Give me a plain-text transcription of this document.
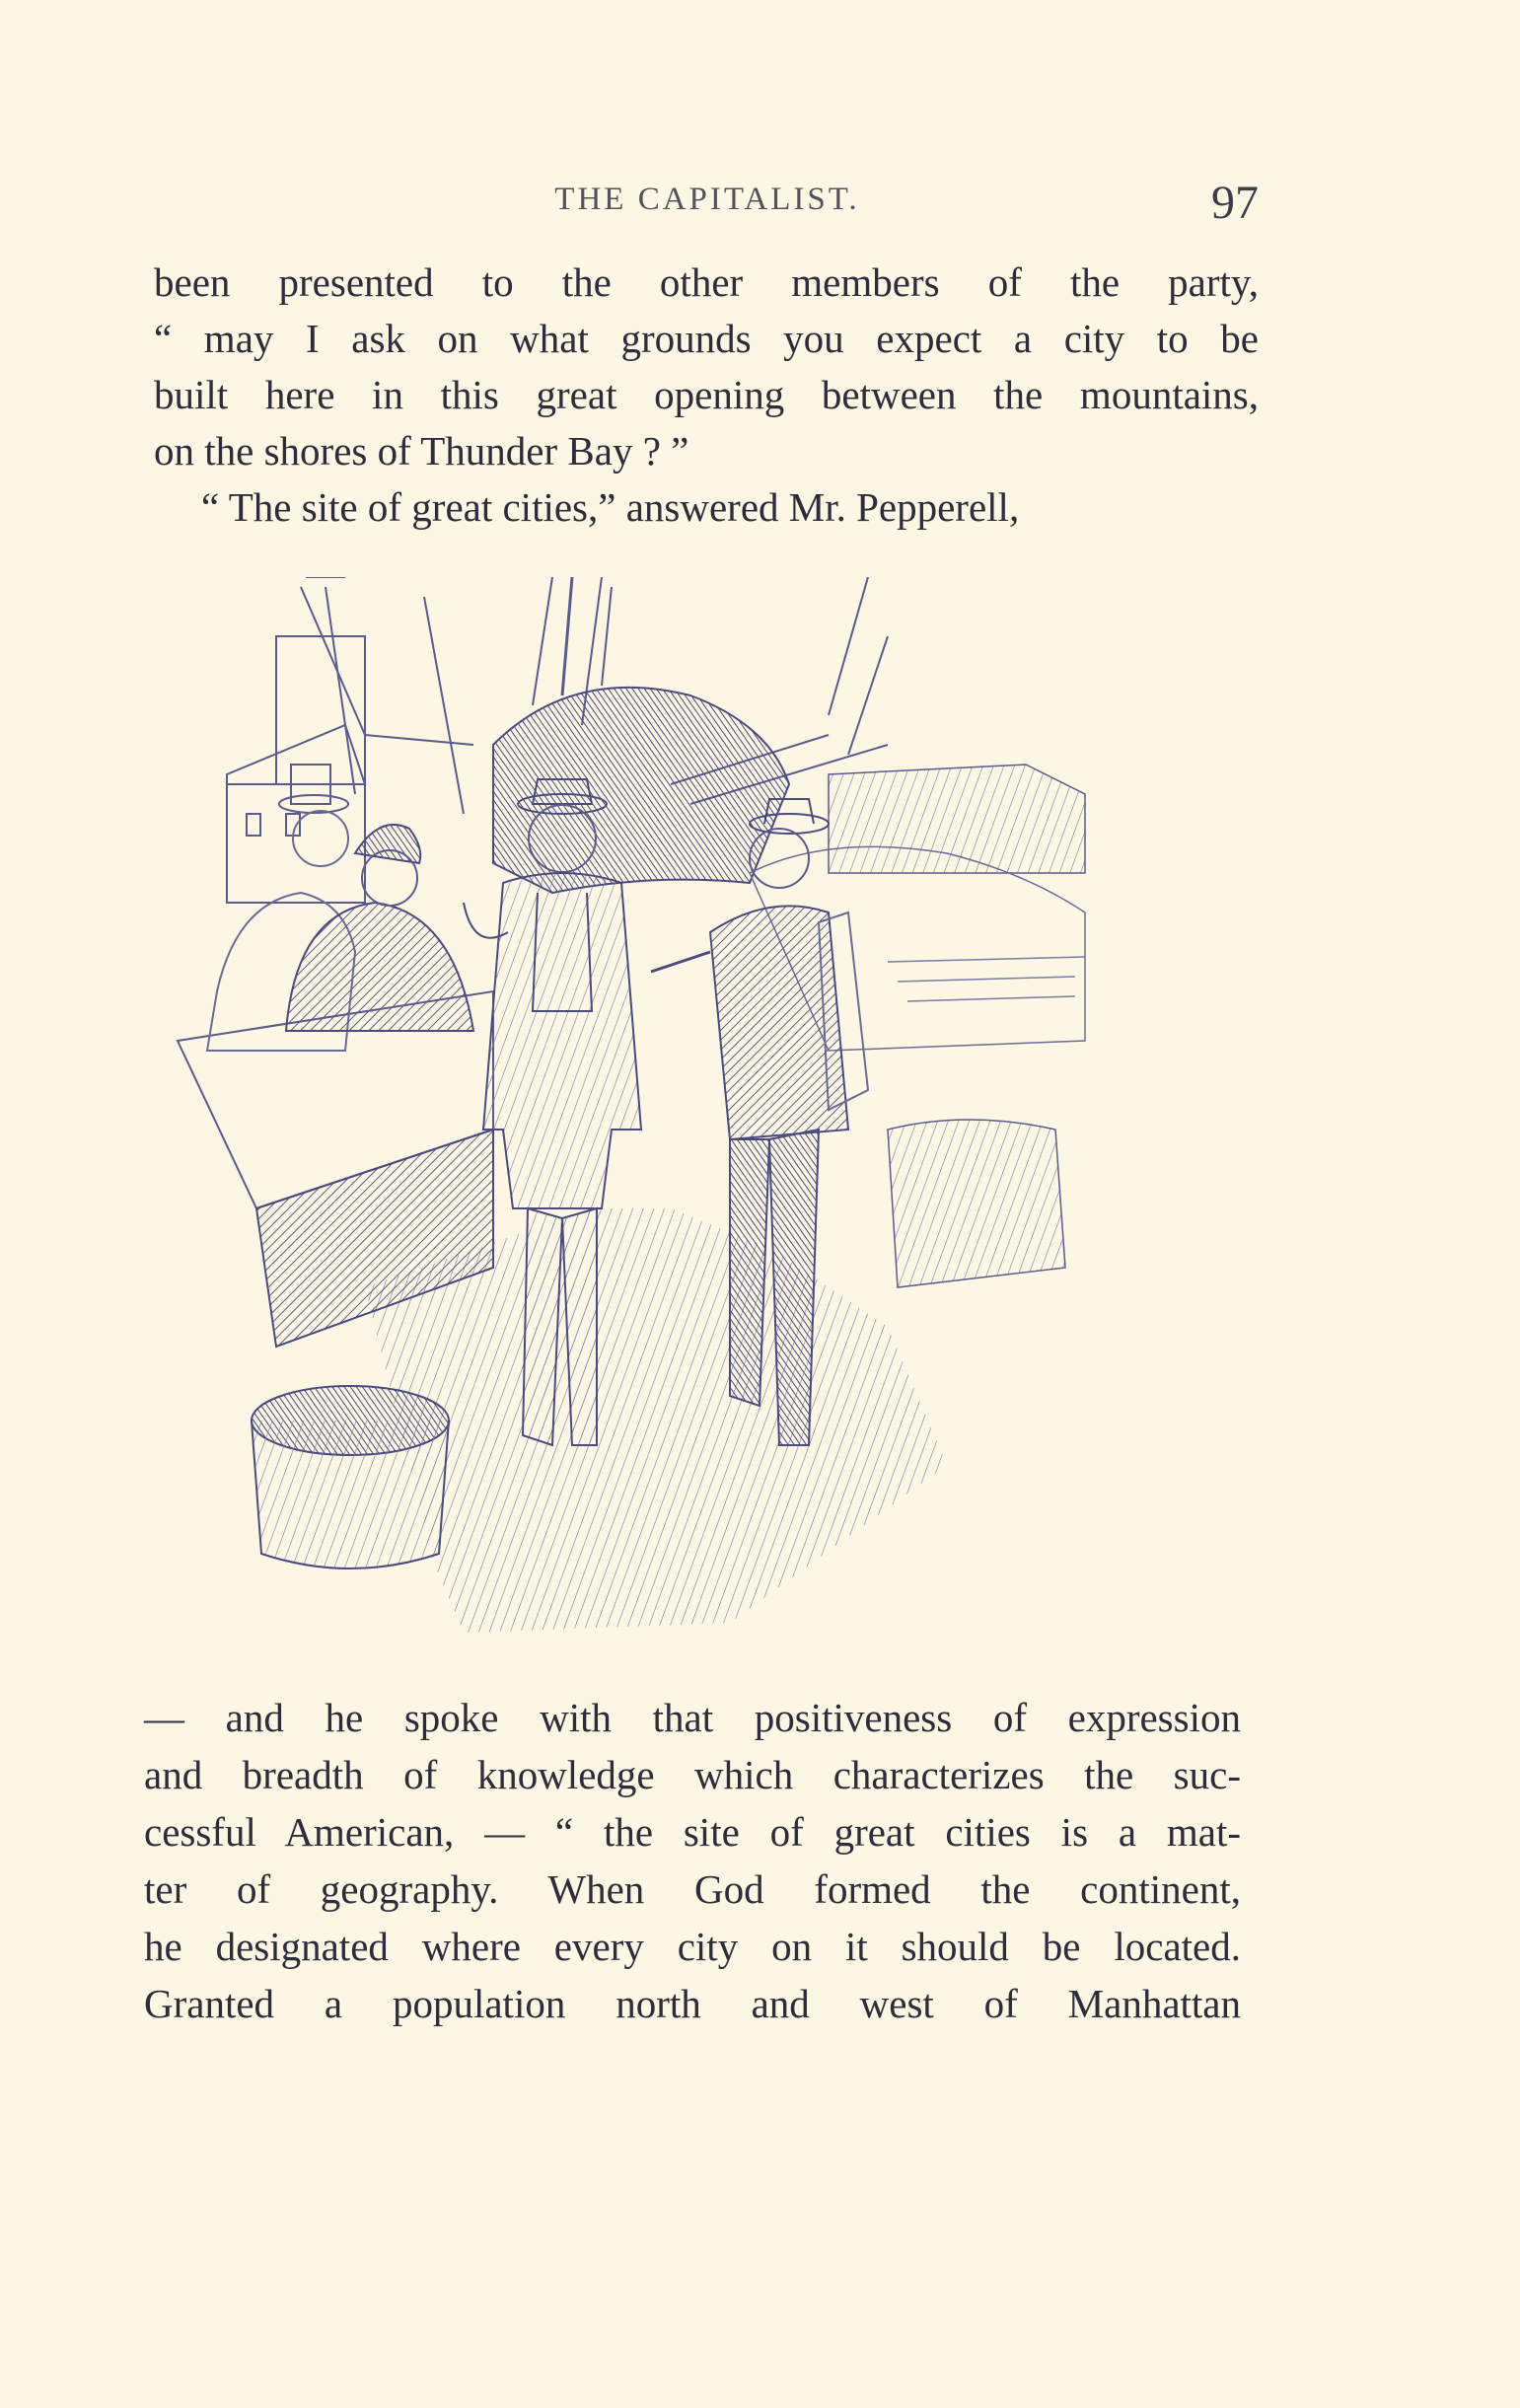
THE CAPITALIST.	97

been presented to the other members of the party,
“ may I ask on what grounds you expect a city to be
built here in this great opening between the mountains,
on the shores of Thunder Bay ? ”
“ The site of great cities,” answered Mr. Pepperell,

— and he spoke with that positiveness of expression
and breadth of knowledge which characterizes the suc-
cessful American, — “ the site of great cities is a mat-
ter of geography. When God formed the continent,
he designated where every city on it should be located.
Granted a population north and west of Manhattan
